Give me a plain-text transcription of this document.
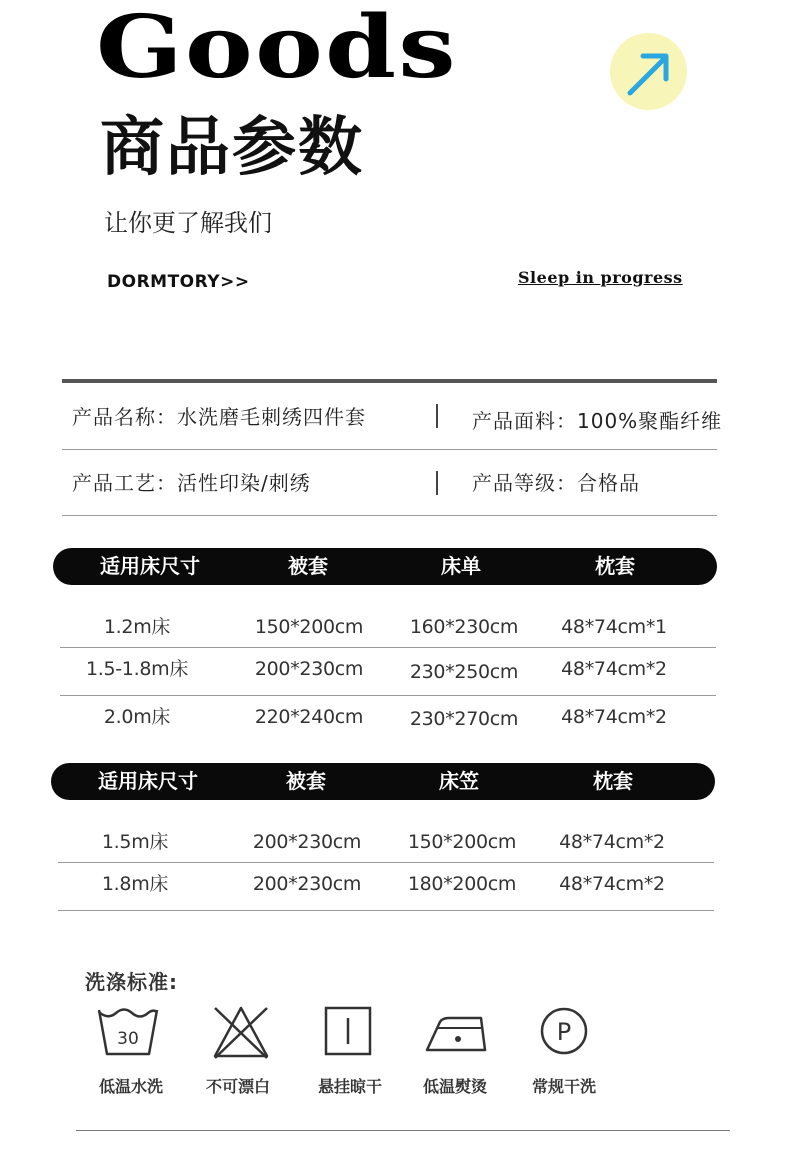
Goods
商品参数
让你更了解我们
DORMTORY>>	Sleep in progress
产品名称：水洗磨毛刺绣四件套	产品面料：100%聚酯纤维
产品工艺：活性印染/刺绣	产品等级：合格品
适用床尺寸	被套	床单	枕套
1.2m床	150*200cm	160*230cm	48*74cm*1
1.5-1.8m床	200*230cm	230*250cm	48*74cm*2
2.0m床	220*240cm	230*270cm	48*74cm*2
适用床尺寸	被套	床笠	枕套
1.5m床	200*230cm	150*200cm	48*74cm*2
1.8m床	200*230cm	180*200cm	48*74cm*2
洗涤标准:
30
低温水洗	不可漂白	悬挂晾干	低温熨烫
P
常规干洗
